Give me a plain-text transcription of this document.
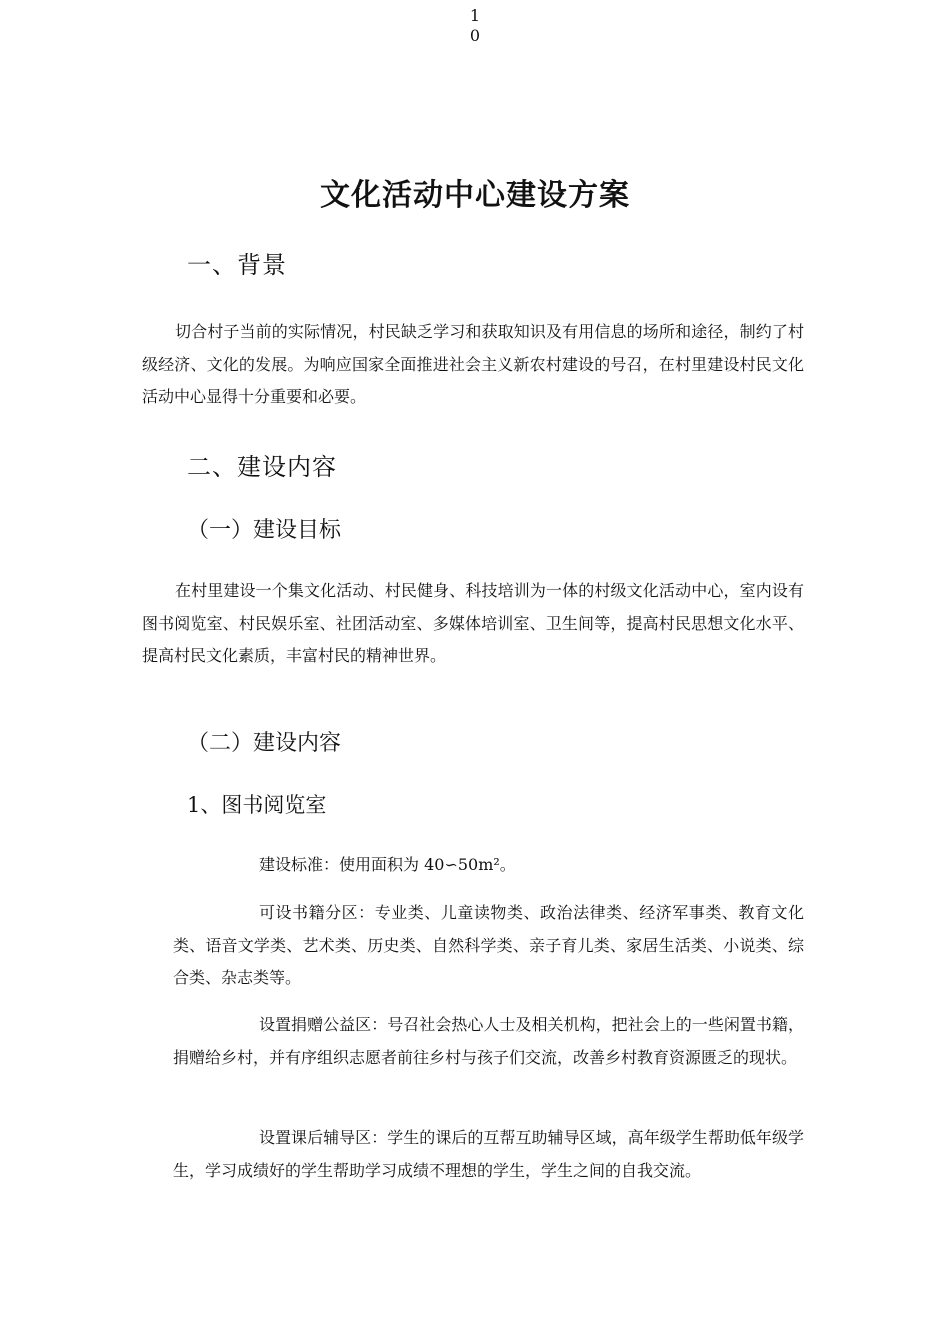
1
0
文化活动中心建设方案
一、背景

切合村子当前的实际情况，村民缺乏学习和获取知识及有用信息的场所和途径，制约了村级经济、文化的发展。为响应国家全面推进社会主义新农村建设的号召，在村里建设村民文化活动中心显得十分重要和必要。

二、建设内容
（一）建设目标

在村里建设一个集文化活动、村民健身、科技培训为一体的村级文化活动中心，室内设有图书阅览室、村民娱乐室、社团活动室、多媒体培训室、卫生间等，提高村民思想文化水平、提高村民文化素质，丰富村民的精神世界。

（二）建设内容
1、图书阅览室

建设标准：使用面积为 40∽50m²。

可设书籍分区：专业类、儿童读物类、政治法律类、经济军事类、教育文化类、语音文学类、艺术类、历史类、自然科学类、亲子育儿类、家居生活类、小说类、综合类、杂志类等。

设置捐赠公益区：号召社会热心人士及相关机构，把社会上的一些闲置书籍，捐赠给乡村，并有序组织志愿者前往乡村与孩子们交流，改善乡村教育资源匮乏的现状。

设置课后辅导区：学生的课后的互帮互助辅导区域，高年级学生帮助低年级学生，学习成绩好的学生帮助学习成绩不理想的学生，学生之间的自我交流。
